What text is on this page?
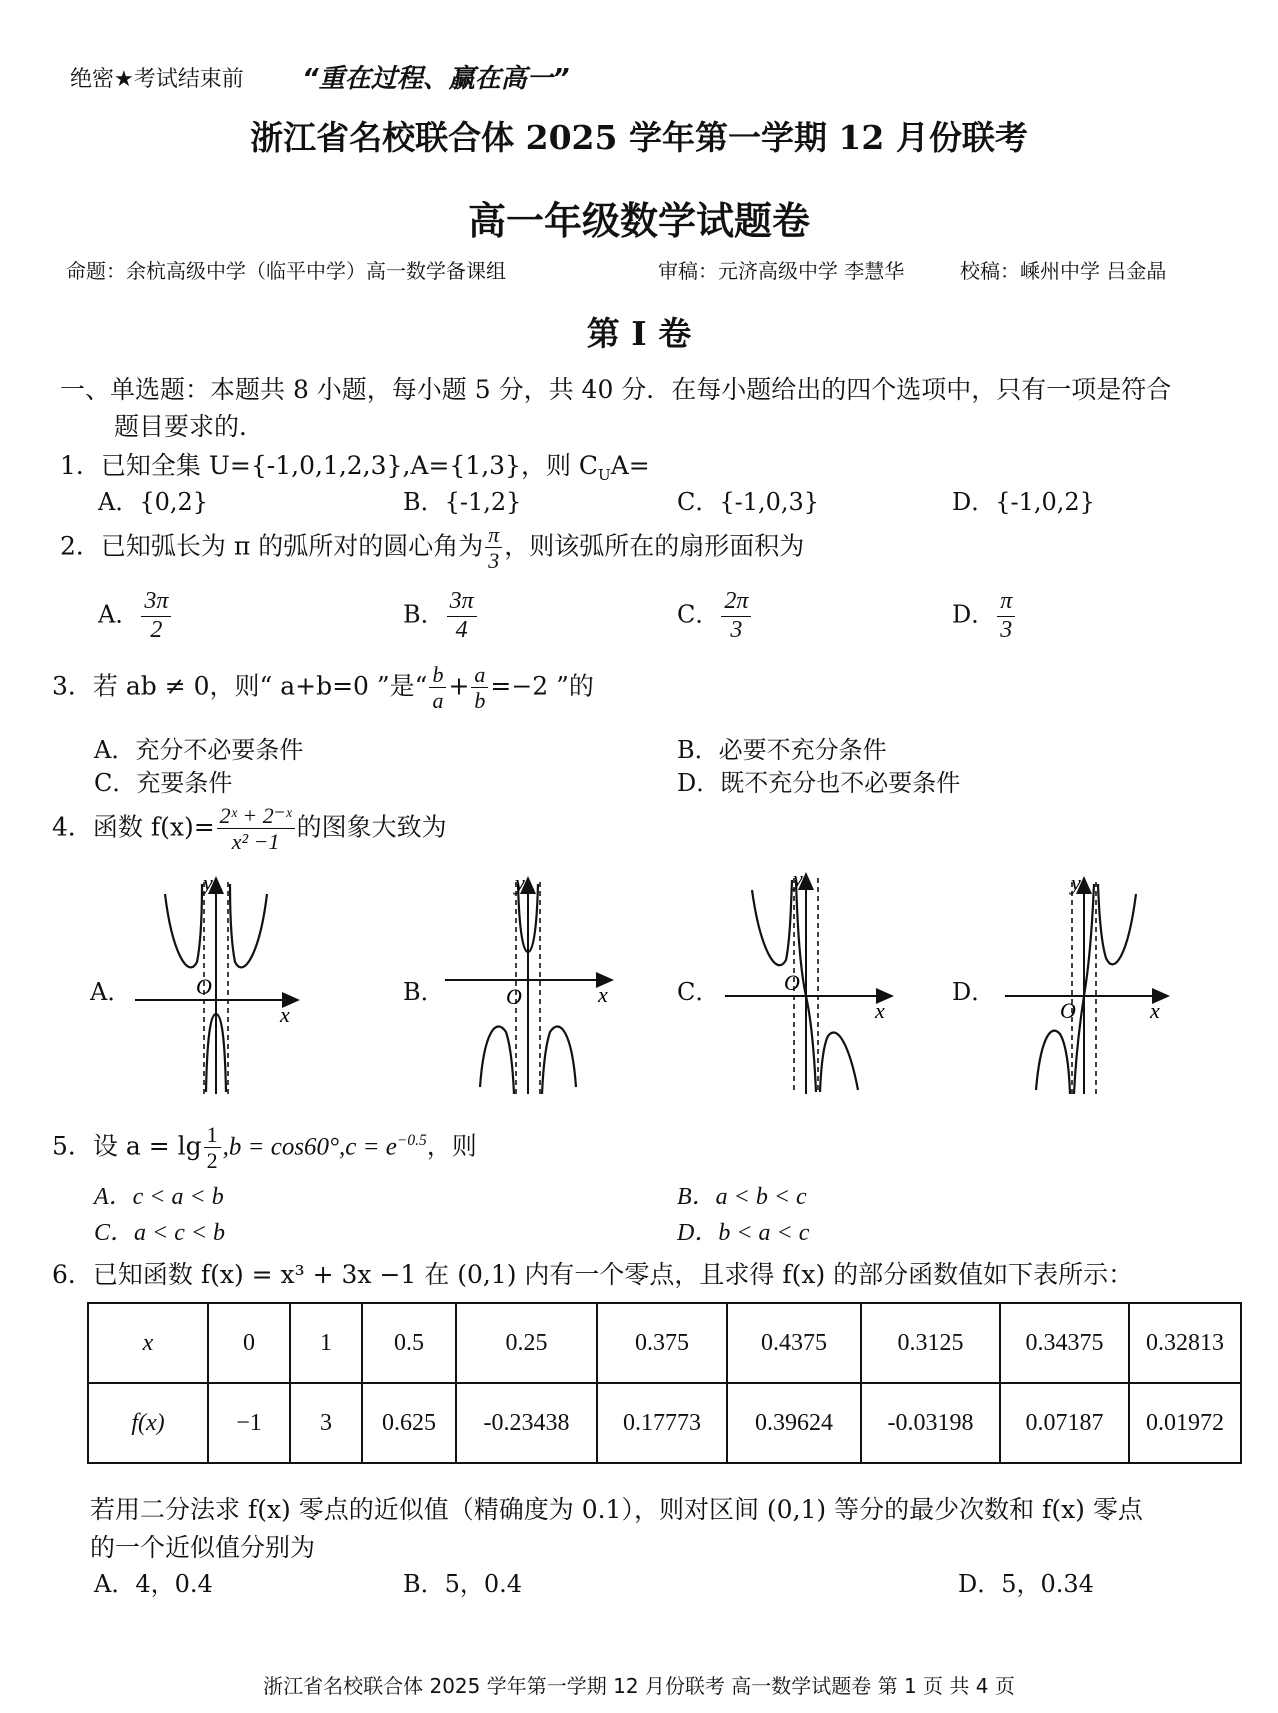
绝密★考试结束前 “重在过程、赢在高一”
浙江省名校联合体 2025 学年第一学期 12 月份联考
高一年级数学试题卷
命题：余杭高级中学（临平中学）高一数学备课组	审稿：元济高级中学 李慧华	校稿：嵊州中学 吕金晶
第 I 卷
一、单选题：本题共 8 小题，每小题 5 分，共 40 分．在每小题给出的四个选项中，只有一项是符合
题目要求的．
1．已知全集 U={-1,0,1,2,3},A={1,3}，则 $C_UA=$
A．{0,2}	B．{-1,2}	C．{-1,0,3}	D．{-1,0,2}
2．已知弧长为 π 的弧所对的圆心角为 $\frac{\pi}{3}$ ，则该弧所在的扇形面积为
A． $\frac{3\pi}{2}$	B． $\frac{3\pi}{4}$	C． $\frac{2\pi}{3}$	D． $\frac{\pi}{3}$
3．若 ab ≠ 0，则“ a+b=0 ”是“ $\frac{b}{a} + \frac{a}{b} =-2$ ”的
A．充分不必要条件	B．必要不充分条件
C．充要条件	D．既不充分也不必要条件
4．函数 $f(x)= \frac{\text{2ˣ + 2⁻ˣ}}{\text{x² −1}}$ 的图象大致为
A．	B．	C．	D．
O
x
y
O	x
y
O
x
y
O	x
y
5．设 $a = \lg \frac{1}{2} ,b = \cos 60^\circ,c = e^{-0.5}$，则
A．c < a < b	B．a < b < c
C．a < c < b	D．b < a < c
6．已知函数 f(x) = x³ + 3x −1 在 (0,1) 内有一个零点，且求得 f(x) 的部分函数值如下表所示：
x	0	1	0.5	0.25	0.375	0.4375	0.3125	0.34375	0.32813
f(x)	−1	3	0.625	-0.23438	0.17773	0.39624	-0.03198	0.07187	0.01972
若用二分法求 f(x) 零点的近似值（精确度为 0.1），则对区间 (0,1) 等分的最少次数和 f(x) 零点
的一个近似值分别为
A．4，0.4	B．5，0.4	D．5，0.34
浙江省名校联合体 2025 学年第一学期 12 月份联考 高一数学试题卷 第 1 页 共 4 页
